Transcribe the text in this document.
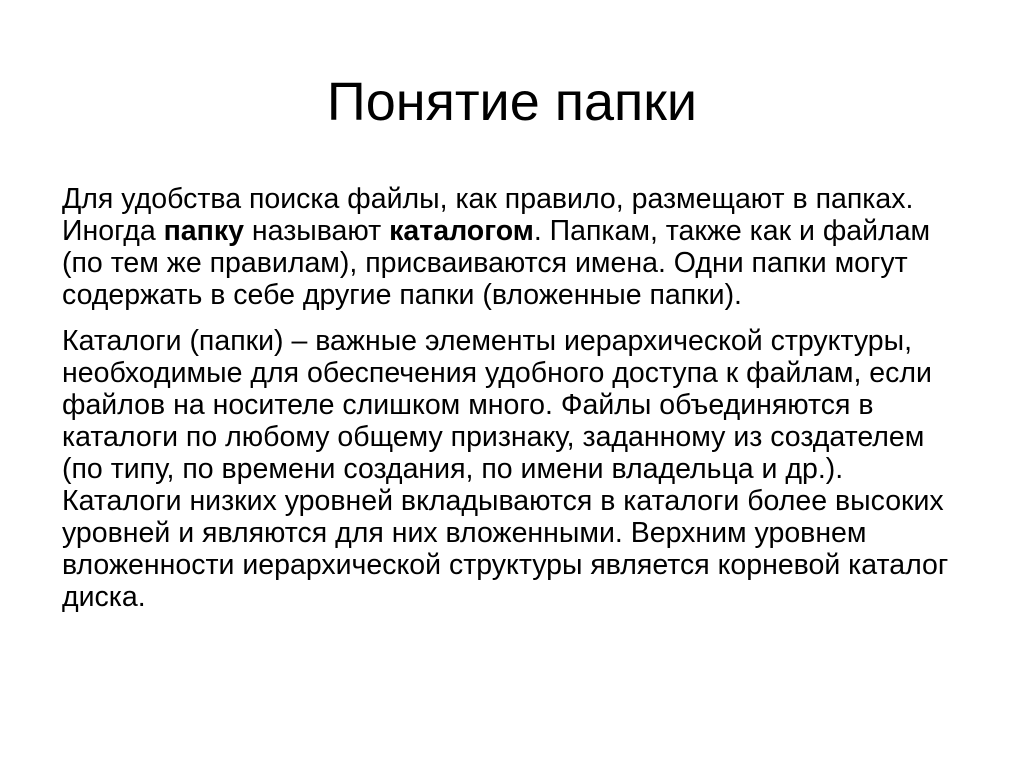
Понятие папки

Для удобства поиска файлы, как правило, размещают в папках. Иногда папку называют каталогом. Папкам, также как и файлам (по тем же правилам), присваиваются имена. Одни папки могут содержать в себе другие папки (вложенные папки).

Каталоги (папки) – важные элементы иерархической структуры, необходимые для обеспечения удобного доступа к файлам, если файлов на носителе слишком много. Файлы объединяются в каталоги по любому общему признаку, заданному из создателем (по типу, по времени создания, по имени владельца и др.). Каталоги низких уровней вкладываются в каталоги более высоких уровней и являются для них вложенными. Верхним уровнем вложенности иерархической структуры является корневой каталог диска.
